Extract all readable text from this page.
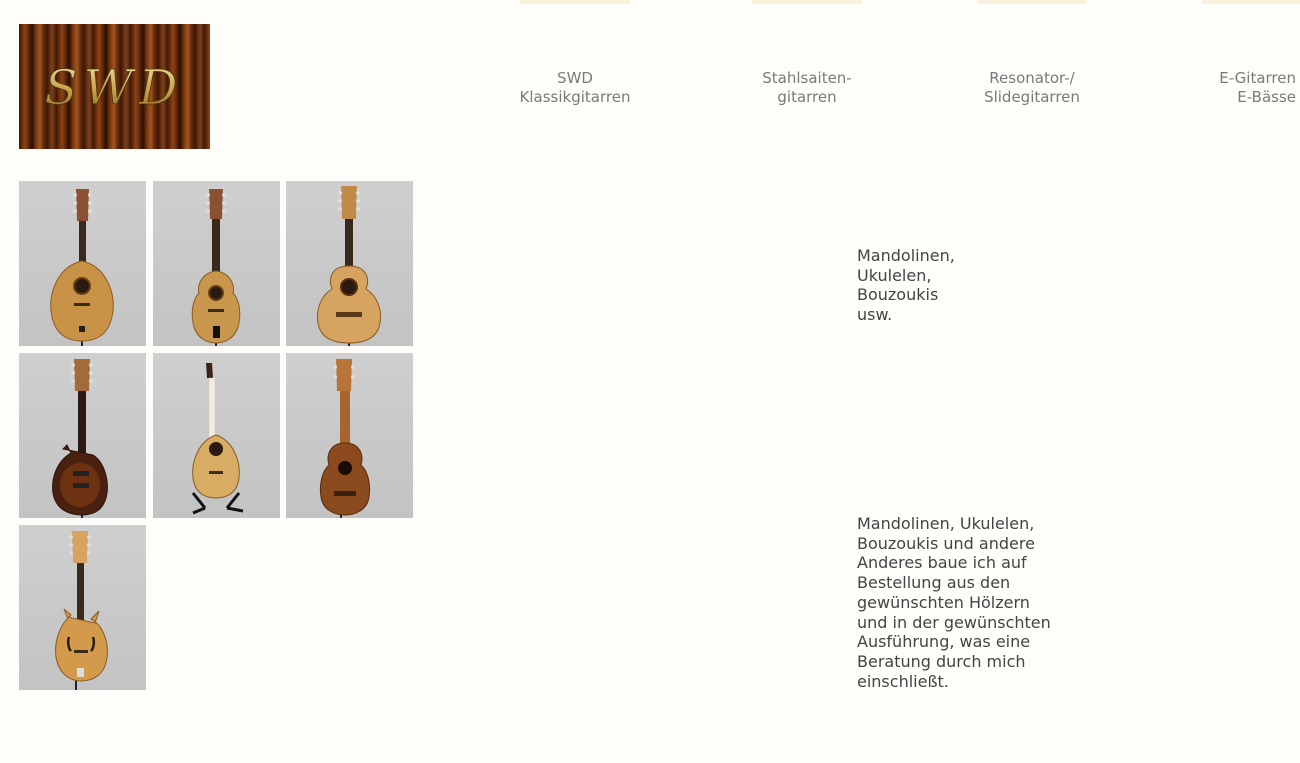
SWD	SWD
Klassikgitarren
Stahlsaiten-
gitarren
Resonator-/
Slidegitarren
E-Gitarren
E-Bässe
Mandolinen,
Ukulelen,
Bouzoukis
usw.
Mandolinen, Ukulelen,
Bouzoukis und andere
Anderes baue ich auf
Bestellung aus den
gewünschten Hölzern
und in der gewünschten
Ausführung, was eine
Beratung durch mich
einschließt.
